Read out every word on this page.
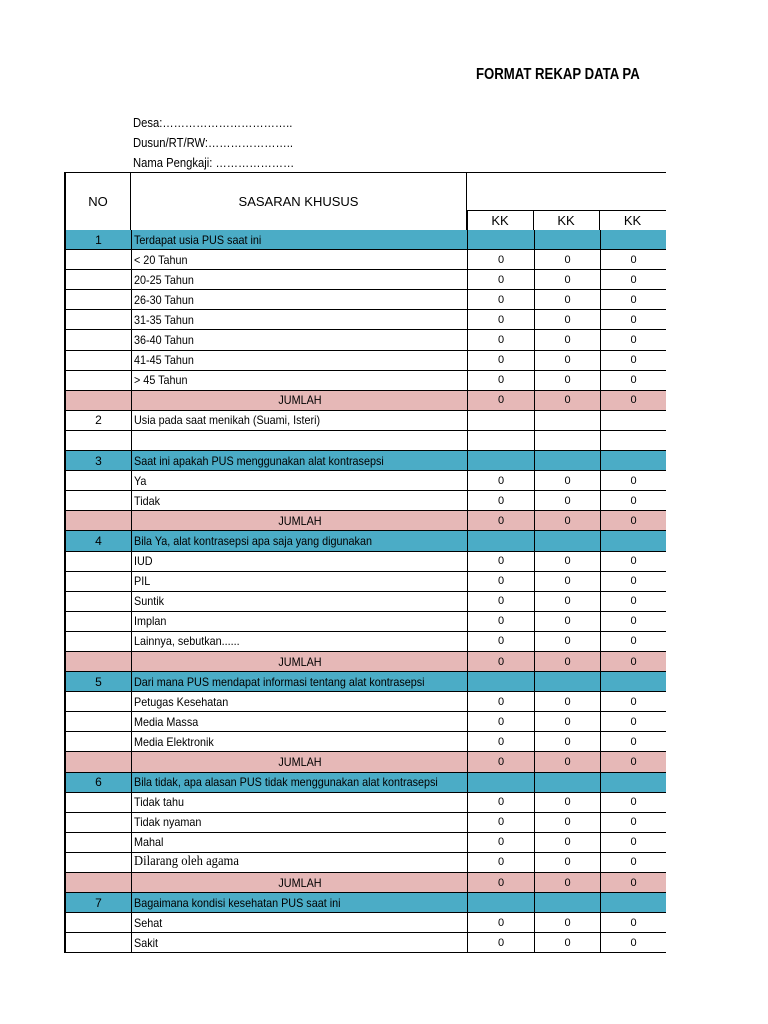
FORMAT REKAP DATA PA
Desa:……………………………..
Dusun/RT/RW:…………………..
Nama Pengkaji: …………………
NO	SASARAN KHUSUS
KK	KK	KK
1	Terdapat usia PUS saat ini
< 20 Tahun	0	0	0
20-25 Tahun	0	0	0
26-30 Tahun	0	0	0
31-35 Tahun	0	0	0
36-40 Tahun	0	0	0
41-45 Tahun	0	0	0
> 45 Tahun	0	0	0
JUMLAH	0	0	0
2	Usia pada saat menikah (Suami, Isteri)
3	Saat ini apakah PUS menggunakan alat kontrasepsi
Ya	0	0	0
Tidak	0	0	0
JUMLAH	0	0	0
4	Bila Ya, alat kontrasepsi apa saja yang digunakan
IUD	0	0	0
PIL	0	0	0
Suntik	0	0	0
Implan	0	0	0
Lainnya, sebutkan......	0	0	0
JUMLAH	0	0	0
5	Dari mana PUS mendapat informasi tentang alat kontrasepsi
Petugas Kesehatan	0	0	0
Media Massa	0	0	0
Media Elektronik	0	0	0
JUMLAH	0	0	0
6	Bila tidak, apa alasan PUS tidak menggunakan alat kontrasepsi
Tidak tahu	0	0	0
Tidak nyaman	0	0	0
Mahal	0	0	0
Dilarang oleh agama	0	0	0
JUMLAH	0	0	0
7	Bagaimana kondisi kesehatan PUS saat ini
Sehat	0	0	0
Sakit	0	0	0
